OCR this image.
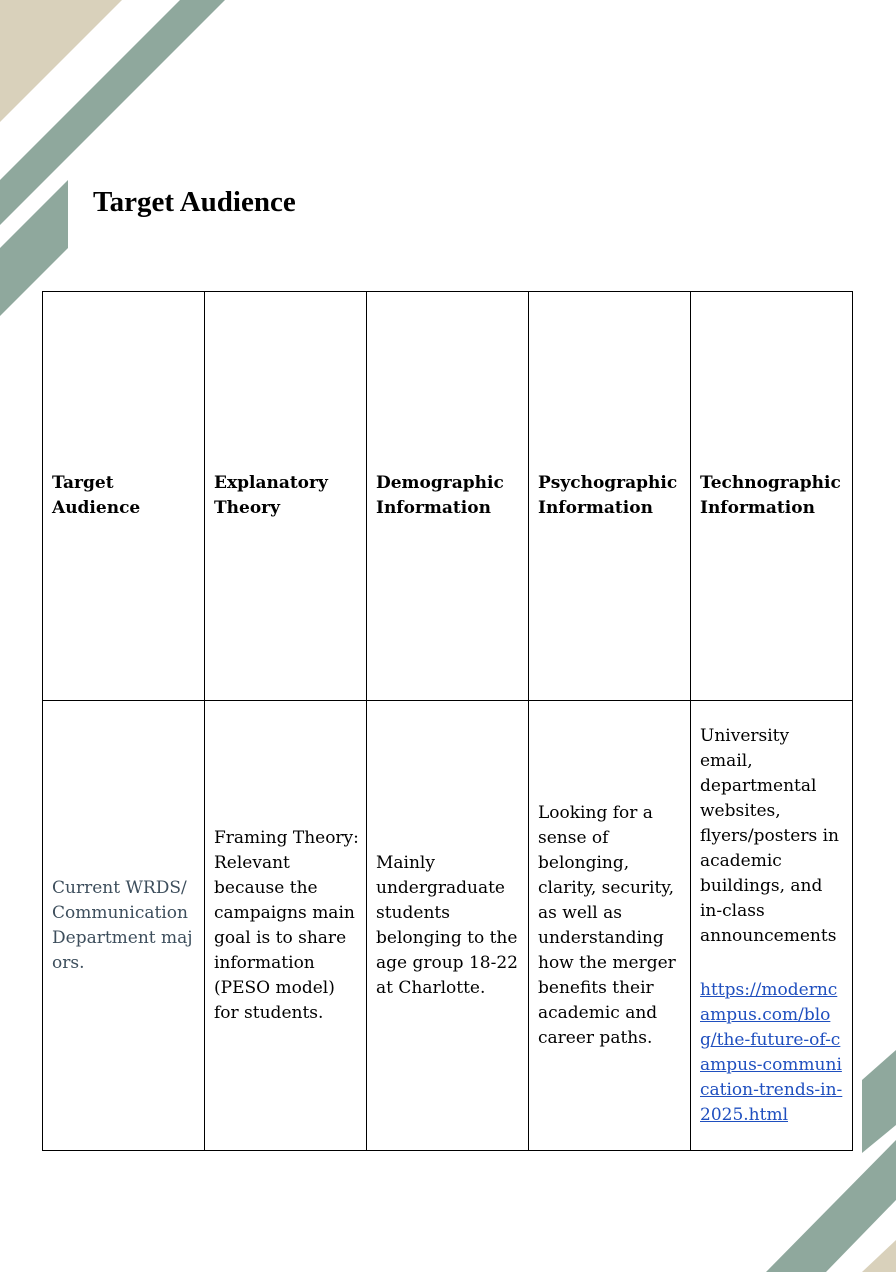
Target Audience
Target Audience	Explanatory Theory	Demographic Information	Psychographic Information	Technographic Information
Current WRDS/Communication Department majors.	Framing Theory: Relevant because the campaigns main goal is to share information (PESO model) for students.	Mainly undergraduate students belonging to the age group 18-22 at Charlotte.	Looking for a sense of belonging, clarity, security, as well as understanding how the merger benefits their academic and career paths.	University email, departmental websites, flyers/posters in academic buildings, and in-class announcements
https://moderncampus.com/blog/the-future-of-campus-communication-trends-in-2025.html
